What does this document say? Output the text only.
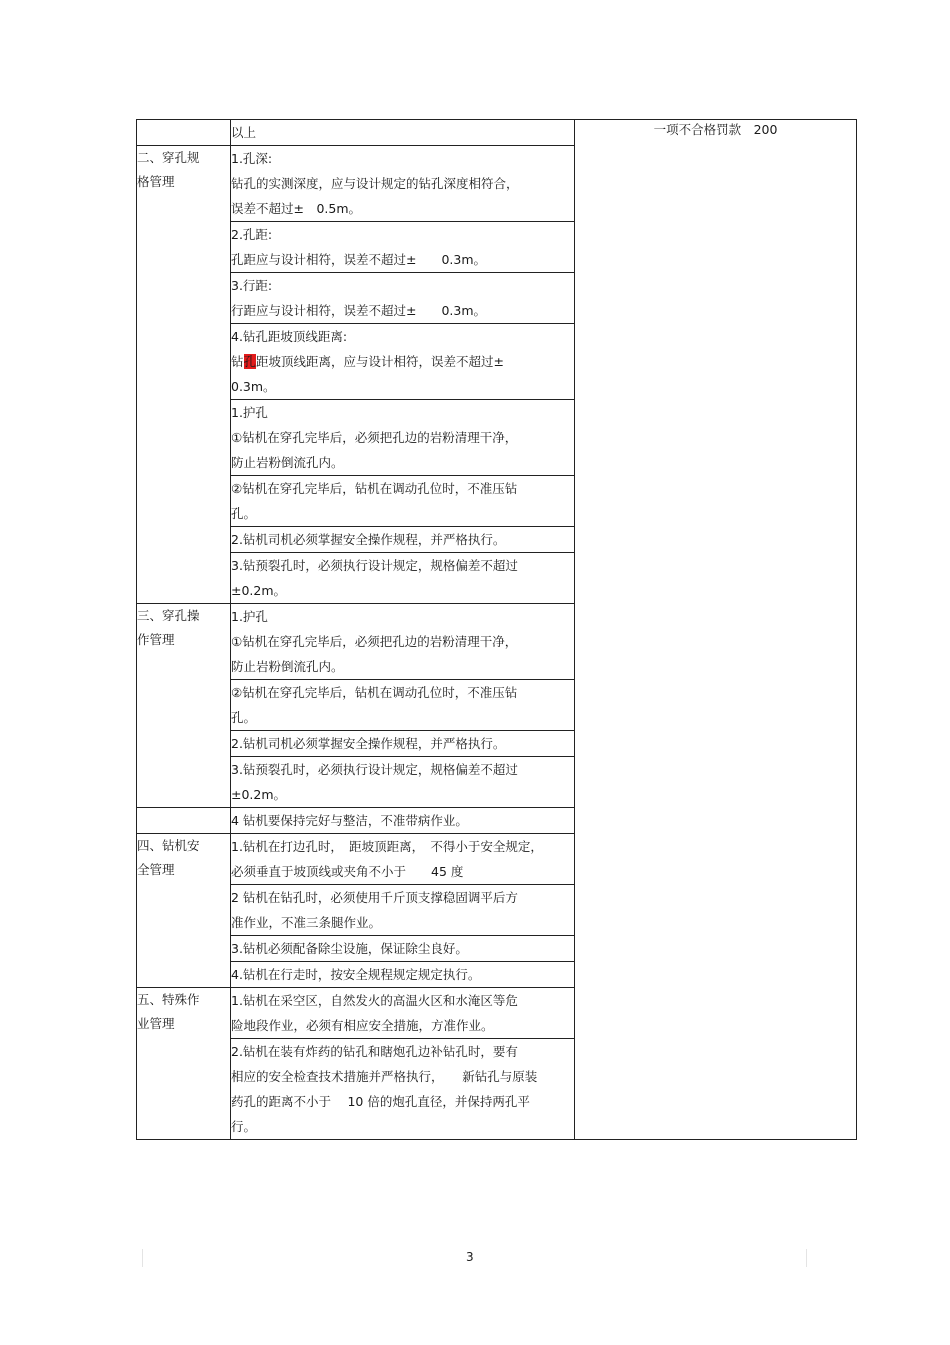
	以上	一项不合格罚款　200

二、穿孔规
格管理	1.孔深:
钻孔的实测深度，应与设计规定的钻孔深度相符合，
误差不超过±　0.5m。	

	2.孔距:
孔距应与设计相符，误差不超过±　　0.3m。	

	3.行距:
行距应与设计相符，误差不超过±　　0.3m。	

	4.钻孔距坡顶线距离:
钻孔距坡顶线距离，应与设计相符，误差不超过±
0.3m。	

	1.护孔
①钻机在穿孔完毕后，必须把孔边的岩粉清理干净，
防止岩粉倒流孔内。	

	②钻机在穿孔完毕后，钻机在调动孔位时，不准压钻
孔。	

	2.钻机司机必须掌握安全操作规程，并严格执行。	

	3.钻预裂孔时，必须执行设计规定，规格偏差不超过
±0.2m。	

三、穿孔操
作管理	1.护孔
①钻机在穿孔完毕后，必须把孔边的岩粉清理干净，
防止岩粉倒流孔内。	

	②钻机在穿孔完毕后，钻机在调动孔位时，不准压钻
孔。	

	2.钻机司机必须掌握安全操作规程，并严格执行。	

	3.钻预裂孔时，必须执行设计规定，规格偏差不超过
±0.2m。	

	4 钻机要保持完好与整洁，不准带病作业。	

四、钻机安
全管理	1.钻机在打边孔时，　距坡顶距离，　不得小于安全规定，
必须垂直于坡顶线或夹角不小于　　45 度	

	2 钻机在钻孔时，必须使用千斤顶支撑稳固调平后方
准作业，不准三条腿作业。	

	3.钻机必须配备除尘设施，保证除尘良好。	

	4.钻机在行走时，按安全规程规定规定执行。	

五、特殊作
业管理	1.钻机在采空区，自然发火的高温火区和水淹区等危
险地段作业，必须有相应安全措施，方准作业。	

	2.钻机在装有炸药的钻孔和瞎炮孔边补钻孔时，要有
相应的安全检查技术措施并严格执行，　　新钻孔与原装
药孔的距离不小于　 10 倍的炮孔直径，并保持两孔平
行。	
3
